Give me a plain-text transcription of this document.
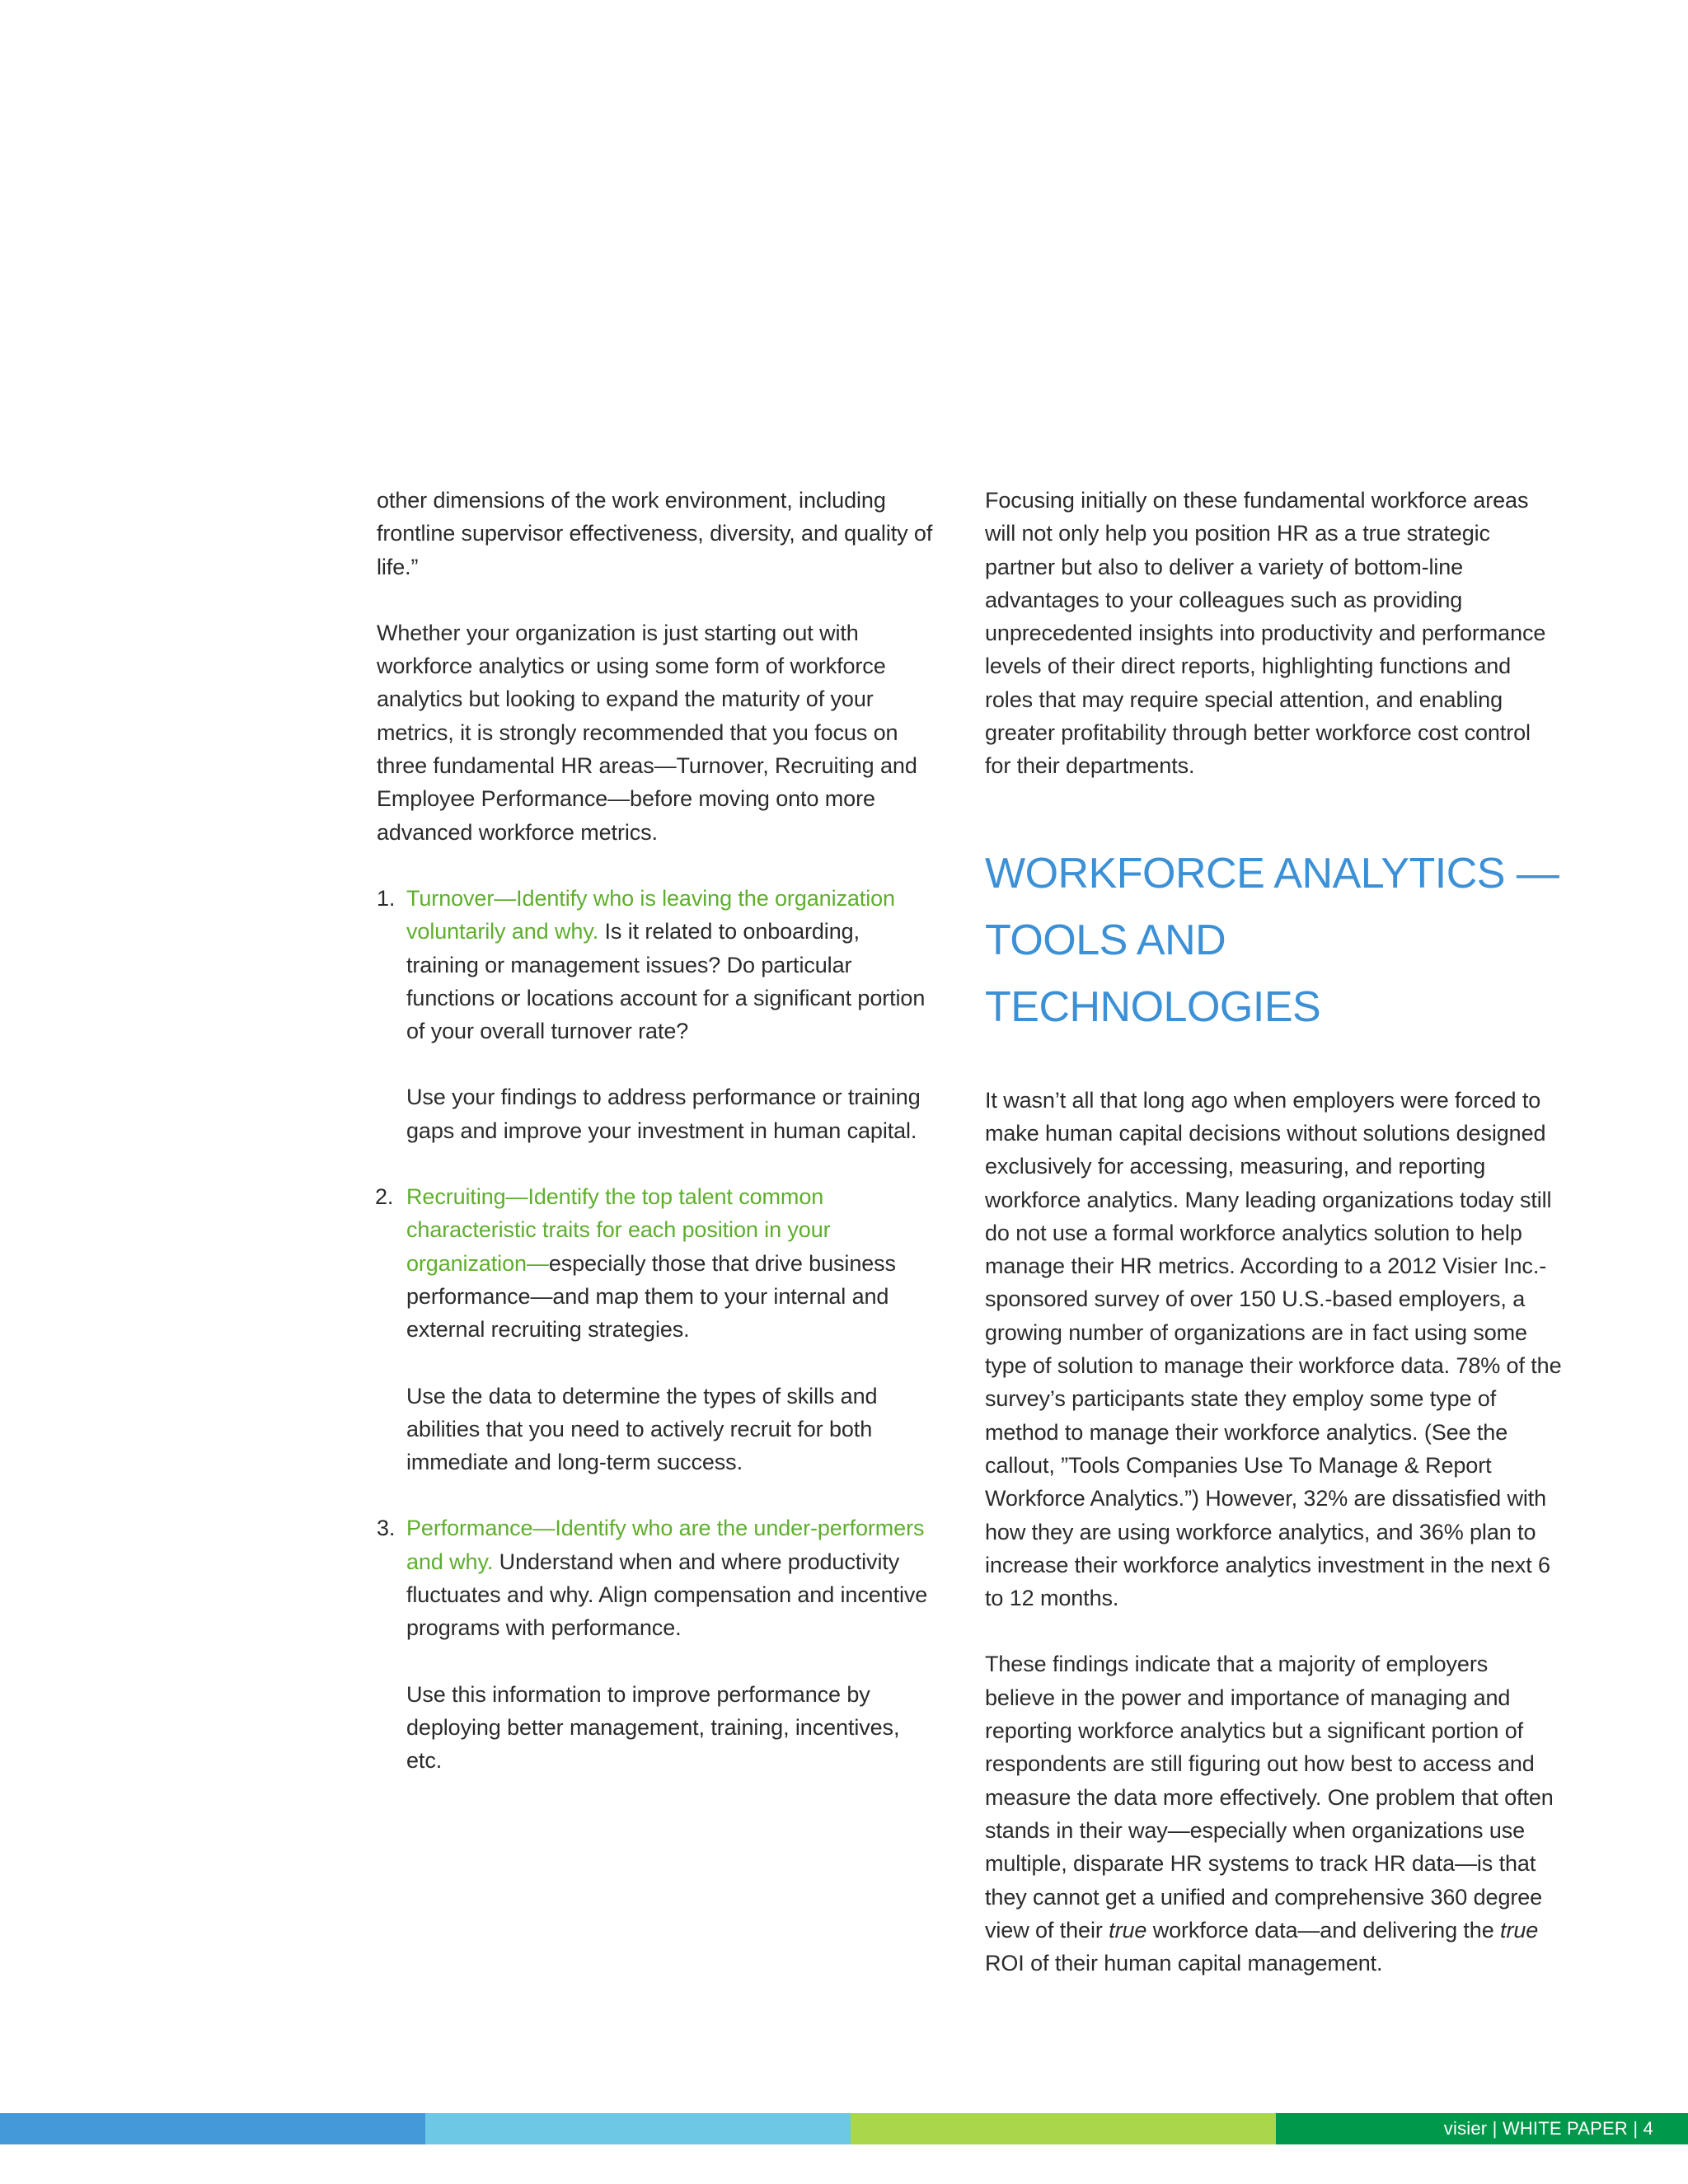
other dimensions of the work environment, including frontline supervisor effectiveness, diversity, and quality of life.”

Whether your organization is just starting out with workforce analytics or using some form of workforce analytics but looking to expand the maturity of your metrics, it is strongly recommended that you focus on three fundamental HR areas—Turnover, Recruiting and Employee Performance—before moving onto more advanced workforce metrics.

1. Turnover—Identify who is leaving the organization voluntarily and why. Is it related to onboarding, training or management issues? Do particular functions or locations account for a significant portion of your overall turnover rate?

Use your findings to address performance or training gaps and improve your investment in human capital.

2. Recruiting—Identify the top talent common characteristic traits for each position in your organization—especially those that drive business performance—and map them to your internal and external recruiting strategies.

Use the data to determine the types of skills and abilities that you need to actively recruit for both immediate and long-term success.

3. Performance—Identify who are the under-performers and why. Understand when and where productivity fluctuates and why. Align compensation and incentive programs with performance.

Use this information to improve performance by deploying better management, training, incentives, etc.

Focusing initially on these fundamental workforce areas will not only help you position HR as a true strategic partner but also to deliver a variety of bottom-line advantages to your colleagues such as providing unprecedented insights into productivity and performance levels of their direct reports, highlighting functions and roles that may require special attention, and enabling greater profitability through better workforce cost control for their departments.

WORKFORCE ANALYTICS —
TOOLS AND TECHNOLOGIES

It wasn’t all that long ago when employers were forced to make human capital decisions without solutions designed exclusively for accessing, measuring, and reporting workforce analytics. Many leading organizations today still do not use a formal workforce analytics solution to help manage their HR metrics. According to a 2012 Visier Inc.-sponsored survey of over 150 U.S.-based employers, a growing number of organizations are in fact using some type of solution to manage their workforce data. 78% of the survey’s participants state they employ some type of method to manage their workforce analytics. (See the callout, ”Tools Companies Use To Manage & Report Workforce Analytics.”) However, 32% are dissatisfied with how they are using workforce analytics, and 36% plan to increase their workforce analytics investment in the next 6 to 12 months.

These findings indicate that a majority of employers believe in the power and importance of managing and reporting workforce analytics but a significant portion of respondents are still figuring out how best to access and measure the data more effectively. One problem that often stands in their way—especially when organizations use multiple, disparate HR systems to track HR data—is that they cannot get a unified and comprehensive 360 degree view of their true workforce data—and delivering the true ROI of their human capital management.

visier | WHITE PAPER | 4
